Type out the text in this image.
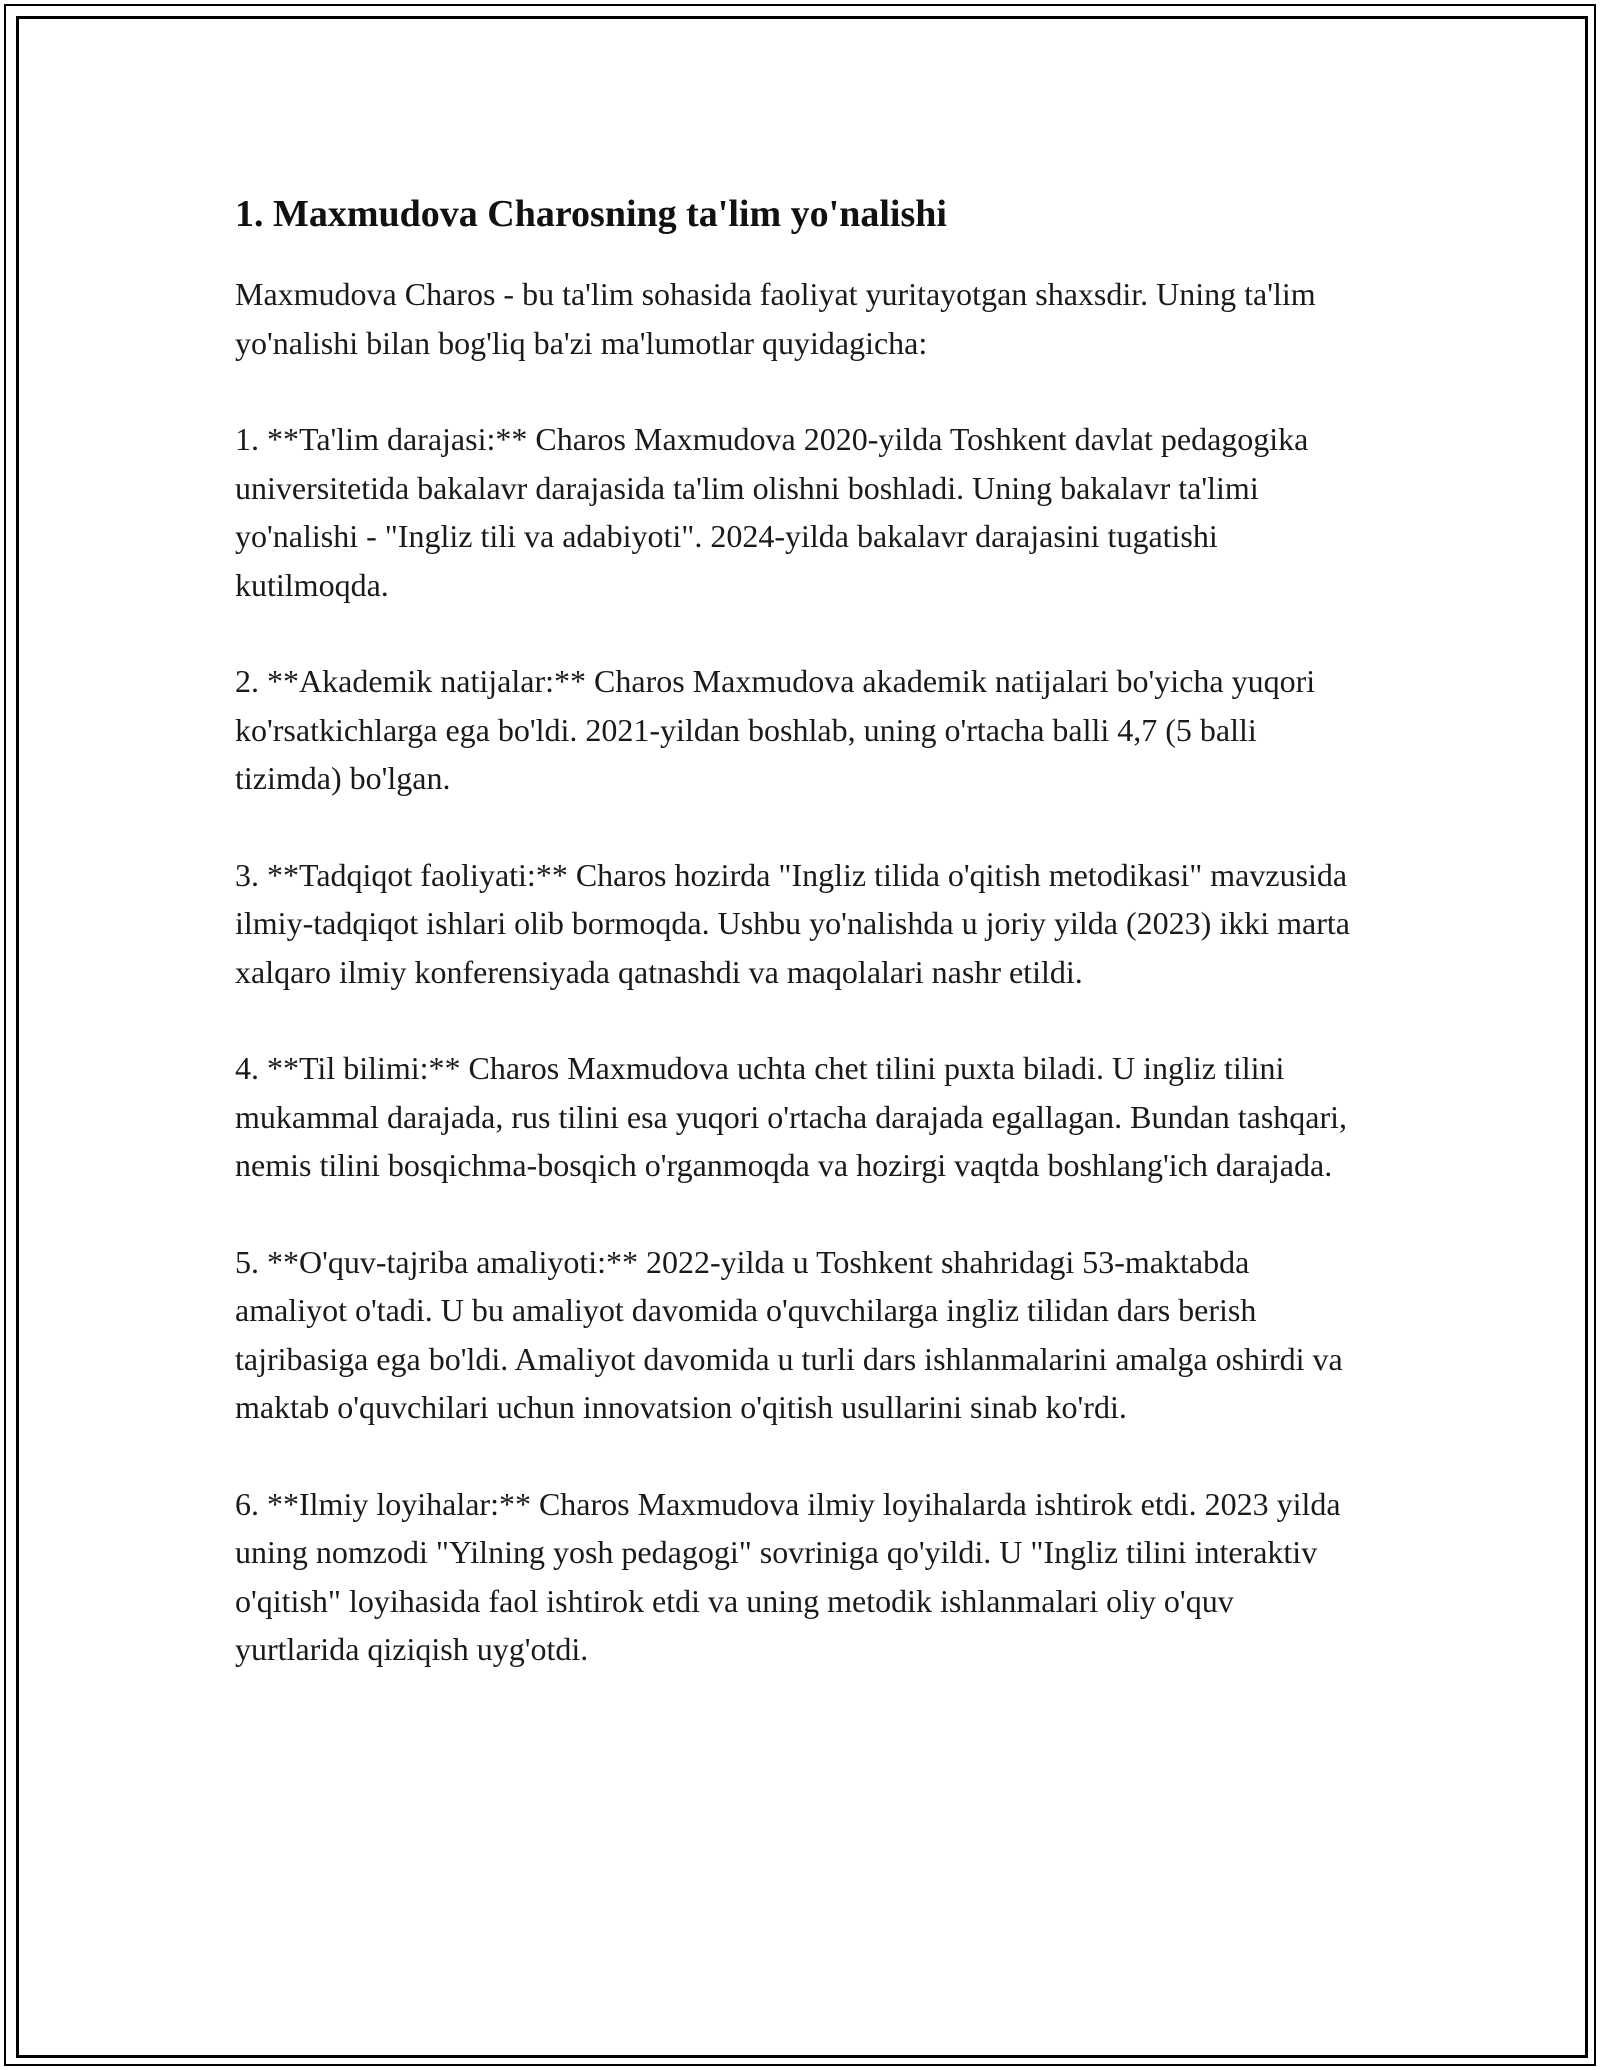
1. Maxmudova Charosning ta'lim yo'nalishi

Maxmudova Charos - bu ta'lim sohasida faoliyat yuritayotgan shaxsdir. Uning ta'lim yo'nalishi bilan bog'liq ba'zi ma'lumotlar quyidagicha:

1. **Ta'lim darajasi:** Charos Maxmudova 2020-yilda Toshkent davlat pedagogika universitetida bakalavr darajasida ta'lim olishni boshladi. Uning bakalavr ta'limi yo'nalishi - "Ingliz tili va adabiyoti". 2024-yilda bakalavr darajasini tugatishi kutilmoqda.

2. **Akademik natijalar:** Charos Maxmudova akademik natijalari bo'yicha yuqori ko'rsatkichlarga ega bo'ldi. 2021-yildan boshlab, uning o'rtacha balli 4,7 (5 balli tizimda) bo'lgan.

3. **Tadqiqot faoliyati:** Charos hozirda "Ingliz tilida o'qitish metodikasi" mavzusida ilmiy-tadqiqot ishlari olib bormoqda. Ushbu yo'nalishda u joriy yilda (2023) ikki marta xalqaro ilmiy konferensiyada qatnashdi va maqolalari nashr etildi.

4. **Til bilimi:** Charos Maxmudova uchta chet tilini puxta biladi. U ingliz tilini mukammal darajada, rus tilini esa yuqori o'rtacha darajada egallagan. Bundan tashqari, nemis tilini bosqichma-bosqich o'rganmoqda va hozirgi vaqtda boshlang'ich darajada.

5. **O'quv-tajriba amaliyoti:** 2022-yilda u Toshkent shahridagi 53-maktabda amaliyot o'tadi. U bu amaliyot davomida o'quvchilarga ingliz tilidan dars berish tajribasiga ega bo'ldi. Amaliyot davomida u turli dars ishlanmalarini amalga oshirdi va maktab o'quvchilari uchun innovatsion o'qitish usullarini sinab ko'rdi.

6. **Ilmiy loyihalar:** Charos Maxmudova ilmiy loyihalarda ishtirok etdi. 2023 yilda uning nomzodi "Yilning yosh pedagogi" sovriniga qo'yildi. U "Ingliz tilini interaktiv o'qitish" loyihasida faol ishtirok etdi va uning metodik ishlanmalari oliy o'quv yurtlarida qiziqish uyg'otdi.
